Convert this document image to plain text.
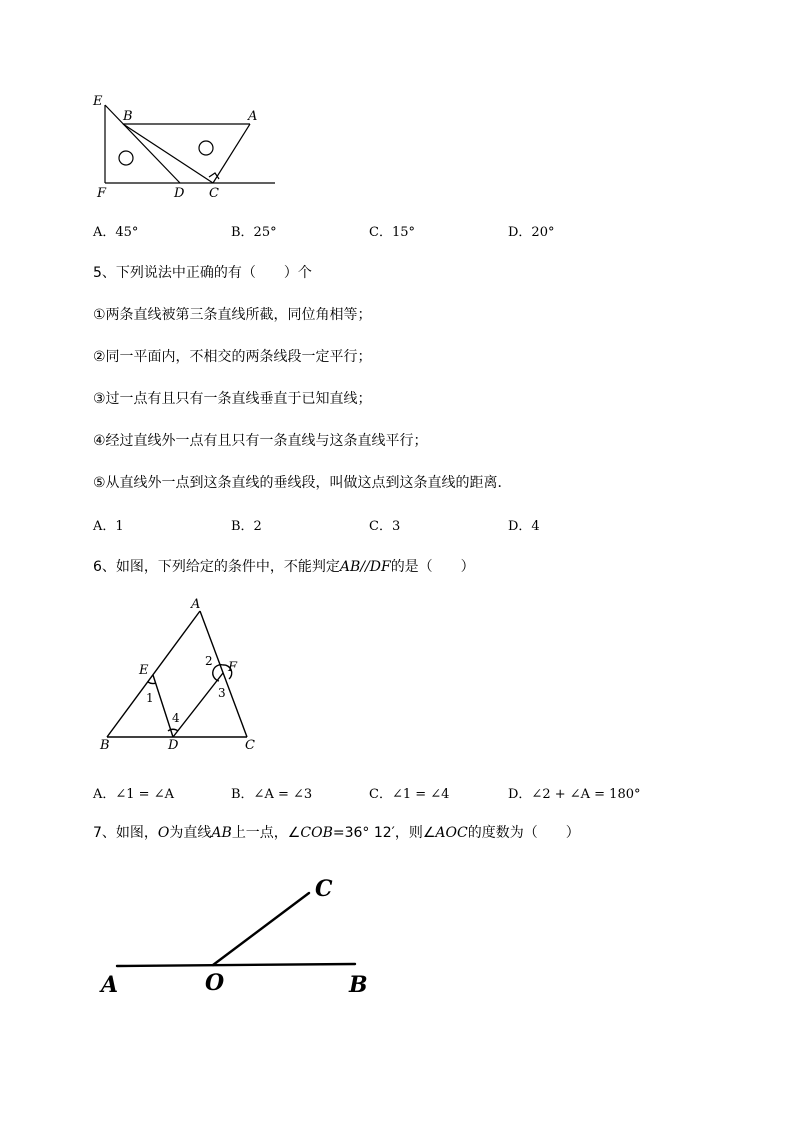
E
B	A
F	D C
A．45°	B．25°	C．15°	D．20°
5、下列说法中正确的有（　　）个
①两条直线被第三条直线所截，同位角相等；
②同一平面内，不相交的两条线段一定平行；
③过一点有且只有一条直线垂直于已知直线；
④经过直线外一点有且只有一条直线与这条直线平行；
⑤从直线外一点到这条直线的垂线段，叫做这点到这条直线的距离．
A．1	B．2	C．3	D．4
6、如图，下列给定的条件中，不能判定AB//DF的是（　　）
A
B	C
D
E	F
1
2
3
4
A．∠1 = ∠A	B．∠A = ∠3	C．∠1 = ∠4	D．∠2 + ∠A = 180°
7、如图，O为直线AB上一点，∠COB=36° 12′，则∠AOC的度数为（　　）
A	O	B
C
